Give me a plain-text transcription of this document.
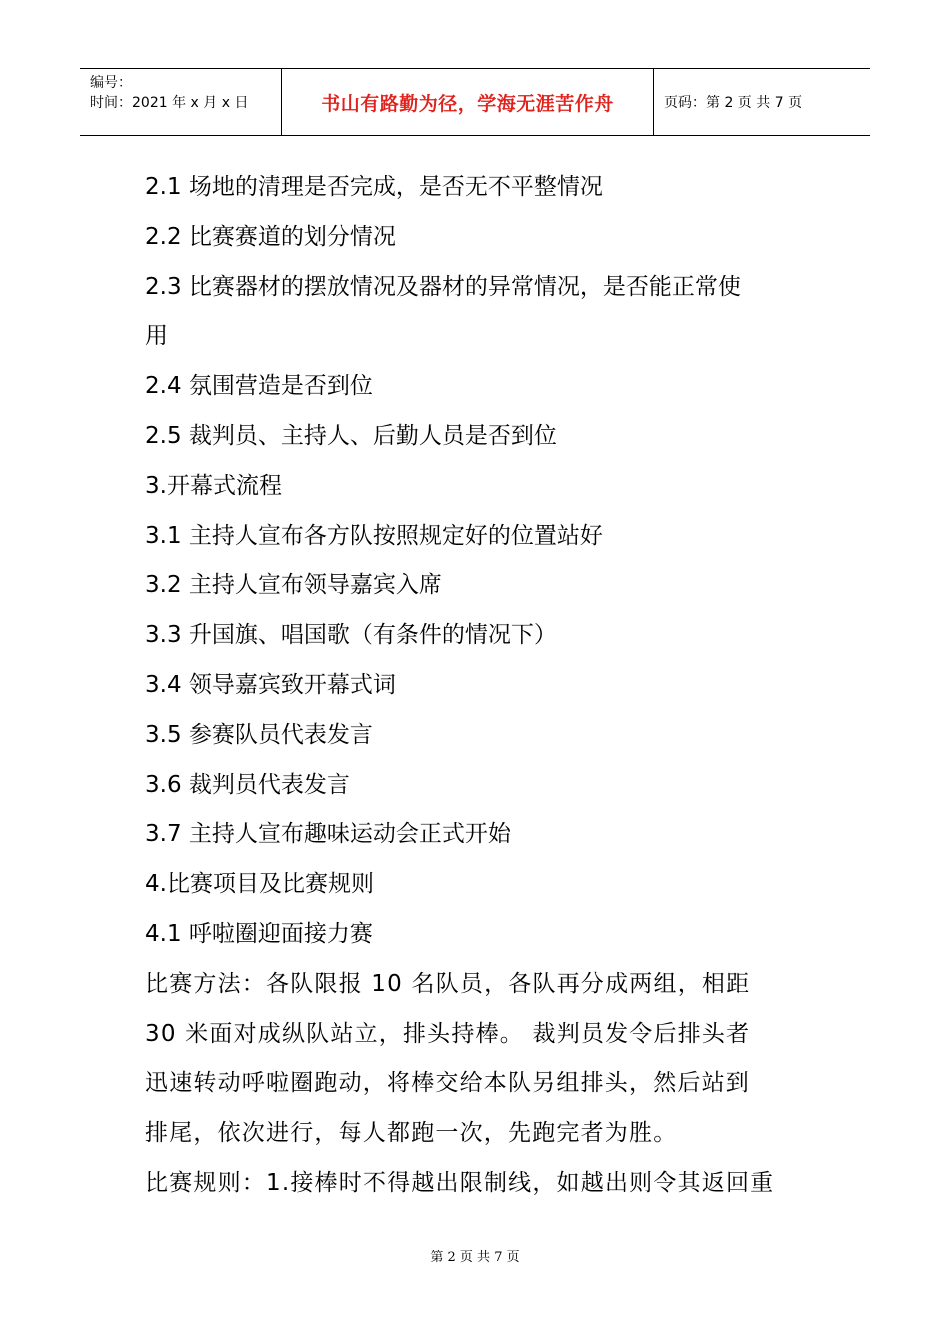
编号：
时间：2021 年 x 月 x 日	书山有路勤为径，学海无涯苦作舟	页码：第 2 页 共 7 页

2.1 场地的清理是否完成，是否无不平整情况

2.2 比赛赛道的划分情况

2.3 比赛器材的摆放情况及器材的异常情况，是否能正常使

用

2.4 氛围营造是否到位

2.5 裁判员、主持人、后勤人员是否到位

3.开幕式流程

3.1 主持人宣布各方队按照规定好的位置站好

3.2 主持人宣布领导嘉宾入席

3.3 升国旗、唱国歌（有条件的情况下）

3.4 领导嘉宾致开幕式词

3.5 参赛队员代表发言

3.6 裁判员代表发言

3.7 主持人宣布趣味运动会正式开始

4.比赛项目及比赛规则

4.1 呼啦圈迎面接力赛

比赛方法：各队限报 10 名队员，各队再分成两组，相距

30 米面对成纵队站立，排头持棒。 裁判员发令后排头者

迅速转动呼啦圈跑动，将棒交给本队另组排头，然后站到

排尾，依次进行，每人都跑一次，先跑完者为胜。

比赛规则：1.接棒时不得越出限制线，如越出则令其返回重

第 2 页 共 7 页
